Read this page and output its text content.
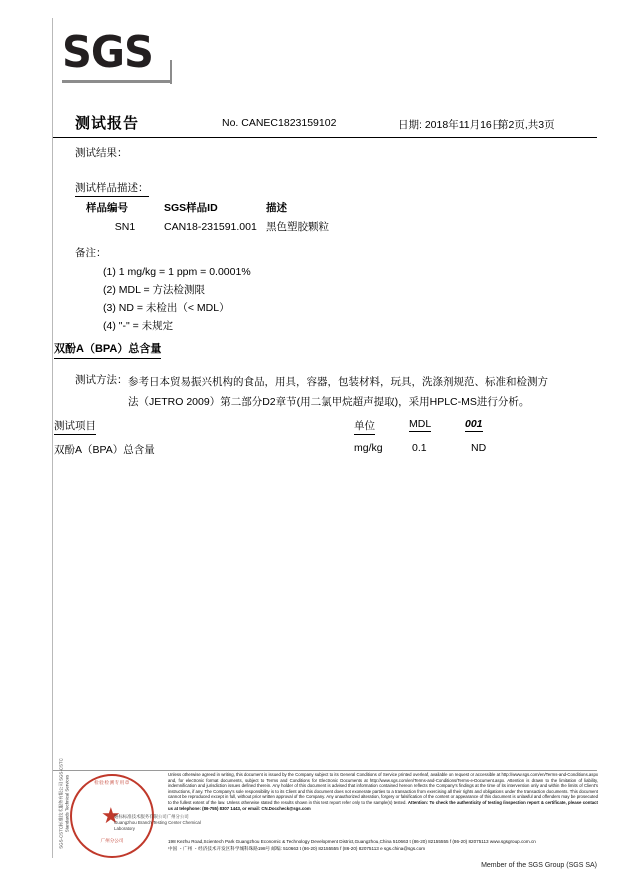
SGS
测试报告	No. CANEC1823159102	日期: 2018年11月16日
第2页,共3页
测试结果：
测试样品描述：
样品编号	SGS样品ID	描述
SN1	CAN18-231591.001	黑色塑胶颗粒
备注：
(1) 1 mg/kg = 1 ppm = 0.0001%
(2) MDL = 方法检测限
(3) ND = 未检出（< MDL）
(4) "-" = 未规定
双酚A（BPA）总含量
测试方法： 参考日本贸易振兴机构的食品，用具，容器，包装材料，玩具，洗涤剂规范、标准和检测方法（JETRO 2009）第二部分D2章节(用二氯甲烷超声提取)，采用HPLC-MS进行分析。
测试项目	单位	MDL	001
双酚A（BPA）总含量	mg/kg	0.1	ND
★
检验检测专用章
广州分公司
SGS-CSTC标准技术服务有限公司 SGS-CSTC Standards Technical Services	通标标准技术服务有限公司广州分公司
Guangzhou Branch Testing Center Chemical Laboratory
Unless otherwise agreed in writing, this document is issued by the Company subject to its General Conditions of Service printed overleaf, available on request or accessible at http://www.sgs.com/en/Terms-and-Conditions.aspx and, for electronic format documents, subject to Terms and Conditions for Electronic Documents at http://www.sgs.com/en/Terms-and-Conditions/Terms-e-Document.aspx. Attention is drawn to the limitation of liability, indemnification and jurisdiction issues defined therein. Any holder of this document is advised that information contained hereon reflects the Company's findings at the time of its intervention only and within the limits of Client's instructions, if any. The Company's sole responsibility is to its Client and this document does not exonerate parties to a transaction from exercising all their rights and obligations under the transaction documents. This document cannot be reproduced except in full, without prior written approval of the Company. Any unauthorized alteration, forgery or falsification of the content or appearance of this document is unlawful and offenders may be prosecuted to the fullest extent of the law. Unless otherwise stated the results shown in this test report refer only to the sample(s) tested. Attention: To check the authenticity of testing /inspection report & certificate, please contact us at telephone: (86-755) 8307 1443, or email: CN.Doccheck@sgs.com
198 Kezhu Road,Scientech Park Guangzhou Economic & Technology Development District,Guangzhou,China 510663 t (86-20) 82155555 f (86-20) 82075113 www.sgsgroup.com.cn
中国 ・广州 ・经济技术开发区科学城科珠路198号 邮编: 510663 t (86-20) 82155555 f (86-20) 82075113 e sgs.china@sgs.com
Member of the SGS Group (SGS SA)
